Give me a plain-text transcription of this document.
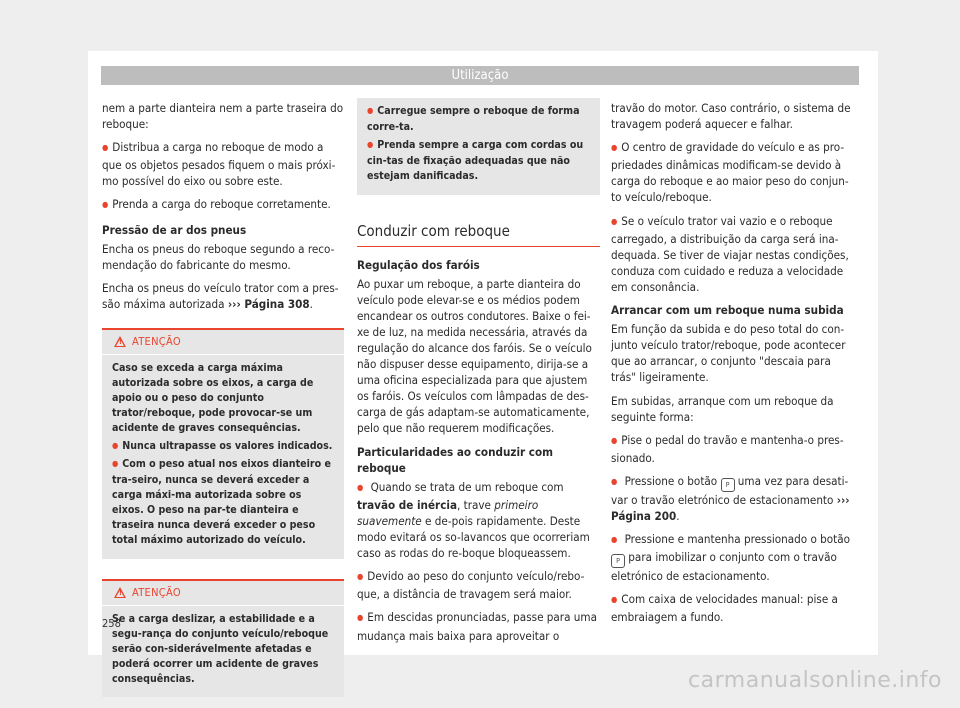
Utilização

nem a parte dianteira nem a parte traseira do reboque:

● Distribua a carga no reboque de modo a que os objetos pesados fiquem o mais próxi-mo possível do eixo ou sobre este.

● Prenda a carga do reboque corretamente.

Pressão de ar dos pneus

Encha os pneus do reboque segundo a reco-mendação do fabricante do mesmo.

Encha os pneus do veículo trator com a pres-são máxima autorizada ››› Página 308.

! ATENÇÃO

Caso se exceda a carga máxima autorizada sobre os eixos, a carga de apoio ou o peso do conjunto trator/reboque, pode provocar-se um acidente de graves consequências.

● Nunca ultrapasse os valores indicados.

● Com o peso atual nos eixos dianteiro e tra-seiro, nunca se deverá exceder a carga máxi-ma autorizada sobre os eixos. O peso na par-te dianteira e traseira nunca deverá exceder o peso total máximo autorizado do veículo.

! ATENÇÃO

Se a carga deslizar, a estabilidade e a segu-rança do conjunto veículo/reboque serão con-siderávelmente afetadas e poderá ocorrer um acidente de graves consequências.

● Carregue sempre o reboque de forma corre-ta.

● Prenda sempre a carga com cordas ou cin-tas de fixação adequadas que não estejam danificadas.

Conduzir com reboque

Regulação dos faróis

Ao puxar um reboque, a parte dianteira do veículo pode elevar-se e os médios podem encandear os outros condutores. Baixe o fei-xe de luz, na medida necessária, através da regulação do alcance dos faróis. Se o veículo não dispuser desse equipamento, dirija-se a uma oficina especializada para que ajustem os faróis. Os veículos com lâmpadas de des-carga de gás adaptam-se automaticamente, pelo que não requerem modificações.

Particularidades ao conduzir com reboque

● Quando se trata de um reboque com travão de inércia, trave primeiro suavemente e de-pois rapidamente. Deste modo evitará os so-lavancos que ocorreriam caso as rodas do re-boque bloqueassem.

● Devido ao peso do conjunto veículo/rebo-que, a distância de travagem será maior.

● Em descidas pronunciadas, passe para uma mudança mais baixa para aproveitar o

travão do motor. Caso contrário, o sistema de travagem poderá aquecer e falhar.

● O centro de gravidade do veículo e as pro-priedades dinâmicas modificam-se devido à carga do reboque e ao maior peso do conjun-to veículo/reboque.

● Se o veículo trator vai vazio e o reboque carregado, a distribuição da carga será ina-dequada. Se tiver de viajar nestas condições, conduza com cuidado e reduza a velocidade em consonância.

Arrancar com um reboque numa subida

Em função da subida e do peso total do con-junto veículo trator/reboque, pode acontecer que ao arrancar, o conjunto "descaia para trás" ligeiramente.

Em subidas, arranque com um reboque da seguinte forma:

● Pise o pedal do travão e mantenha-o pres-sionado.

● Pressione o botão P uma vez para desati-var o travão eletrónico de estacionamento ››› Página 200.

● Pressione e mantenha pressionado o botão P para imobilizar o conjunto com o travão eletrónico de estacionamento.

● Com caixa de velocidades manual: pise a embraiagem a fundo.

258
carmanualsonline.info
